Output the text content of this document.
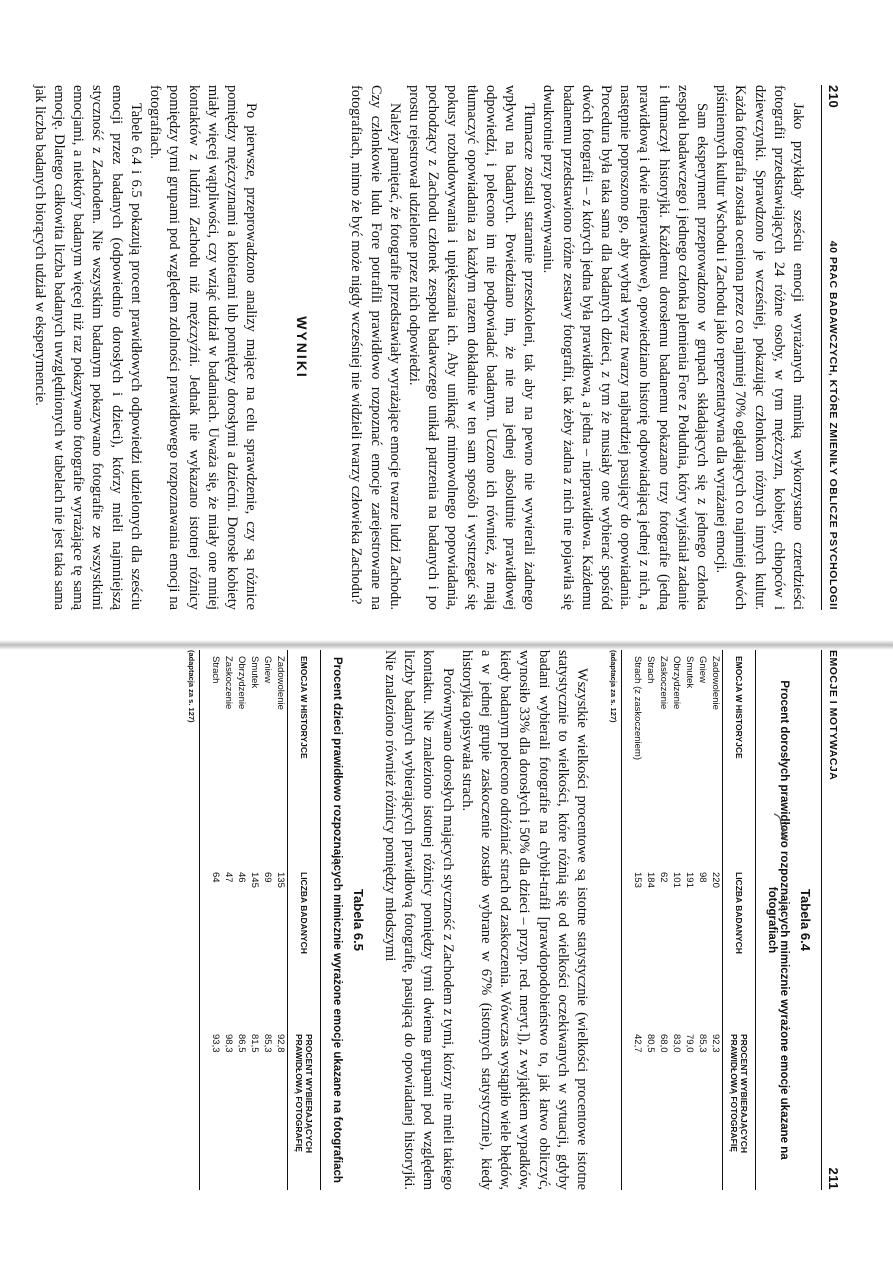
210
40 PRAC BADAWCZYCH, KTÓRE ZMIENIŁY OBLICZE PSYCHOLOGII

Jako przykłady sześciu emocji wyrażanych mimiką wykorzystano czterdzieści fotografii przedstawiających 24 różne osoby, w tym mężczyzn, kobiety, chłopców i dziewczynki. Sprawdzono je wcześniej, pokazując członkom różnych innych kultur. Każda fotografia została oceniona przez co najmniej 70% oglądających co najmniej dwóch piśmiennych kultur Wschodu i Zachodu jako reprezentatywna dla wyrażanej emocji.

Sam eksperyment przeprowadzono w grupach składających się z jednego członka zespołu badawczego i jednego członka plemienia Fore z Południa, który wyjaśniał zadanie i tłumaczył historyjki. Każdemu dorosłemu badanemu pokazano trzy fotografie (jedną prawidłową i dwie nieprawidłowe), opowiedziano historię odpowiadającą jednej z nich, a następnie poproszono go, aby wybrał wyraz twarzy najbardziej pasujący do opowiadania. Procedura była taka sama dla badanych dzieci, z tym że musiały one wybierać spośród dwóch fotografii – z których jedna była prawidłowa, a jedna – nieprawidłowa. Każdemu badanemu przedstawiono różne zestawy fotografii, tak żeby żadna z nich nie pojawiła się dwukrotnie przy porównywaniu.

Tłumacze zostali starannie przeszkoleni, tak aby na pewno nie wywierali żadnego wpływu na badanych. Powiedziano im, że nie ma jednej absolutnie prawidłowej odpowiedzi, i polecono im nie podpowiadać badanym. Uczono ich również, że mają tłumaczyć opowiadania za każdym razem dokładnie w ten sam sposób i wystrzegać się pokusy rozbudowywania i upiększania ich. Aby uniknąć mimowolnego popowiadania, pochodzący z Zachodu członek zespołu badawczego unikał patrzenia na badanych i po prostu rejestrował udzielone przez nich odpowiedzi.

Należy pamiętać, że fotografie przedstawiały wyrażające emocje twarze ludzi Zachodu. Czy członkowie ludu Fore potrafili prawidłowo rozpoznać emocje zarejestrowane na fotografiach, mimo że być może nigdy wcześniej nie widzieli twarzy człowieka Zachodu?

WYNIKI

Po pierwsze, przeprowadzono analizy mające na celu sprawdzenie, czy są różnice pomiędzy mężczyznami a kobietami lub pomiędzy dorosłymi a dziećmi. Dorosłe kobiety miały więcej wątpliwości, czy wziąć udział w badaniach. Uważa się, że miały one mniej kontaktów z ludźmi Zachodu niż mężczyźni. Jednak nie wykazano istotnej różnicy pomiędzy tymi grupami pod względem zdolności prawidłowego rozpoznawania emocji na fotografiach.

Tabele 6.4 i 6.5 pokazują procent prawidłowych odpowiedzi udzielonych dla sześciu emocji przez badanych (odpowiednio dorosłych i dzieci), którzy mieli najmniejszą styczność z Zachodem. Nie wszystkim badanym pokazywano fotografie ze wszystkimi emocjami, a niektóry badanym więcej niż raz pokazywano fotografie wyrażające tę samą emocję. Dlatego całkowita liczba badanych uwzględnionych w tabelach nie jest taka sama jak liczba badanych biorących udział w eksperymencie.

EMOCJE I MOTYWACJA
211
Tabela 6.4
Procent dorosłych prawidłowo rozpoznających mimicznie wyrażone emocje ukazane na fotografiach
EMOCJA W HISTORYJCE	LICZBA BADANYCH	PROCENT WYBIERAJĄCYCH PRAWIDŁOWĄ FOTOGRAFIĘ
Zadowolenie	220	92,3
Gniew	98	85,3
Smutek	191	79,0
Obrzydzenie	101	83,0
Zaskoczenie	62	68,0
Strach	184	80,5
Strach (z zaskoczeniem)	153	42,7
(adaptacja za s. 127)

Wszystkie wielkości procentowe są istotne statystycznie (wielkości procentowe istotne statystycznie to wielkości, które różnią się od wielkości oczekiwanych w sytuacji, gdyby badani wybierali fotografie na chybił-trafił [prawdopodobieństwo to, jak łatwo obliczyć, wynosiło 33% dla dorosłych i 50% dla dzieci – przyp. red. meryt.]), z wyjątkiem wypadków, kiedy badanym polecono odróżniać strach od zaskoczenia. Wówczas wystąpiło wiele błędów, a w jednej grupie zaskoczenie zostało wybrane w 67% (istotnych statystycznie), kiedy historyjka opisywała strach.

Porównywano dorosłych mających styczność z Zachodem z tymi, którzy nie mieli takiego kontaktu. Nie znaleziono istotnej różnicy pomiędzy tymi dwiema grupami pod względem liczby badanych wybierających prawidłową fotografię, pasującą do opowiadanej historyjki. Nie znaleziono również różnicy pomiędzy młodszymi

Tabela 6.5
Procent dzieci prawidłowo rozpoznających mimicznie wyrażone emocje ukazane na fotografiach
EMOCJA W HISTORYJCE	LICZBA BADANYCH	PROCENT WYBIERAJĄCYCH PRAWIDŁOWĄ FOTOGRAFIĘ
Zadowolenie	135	92,8
Gniew	69	85,3
Smutek	145	81,5
Obrzydzenie	46	86,5
Zaskoczenie	47	98,3
Strach	64	93,3
(adaptacja za s. 127)
